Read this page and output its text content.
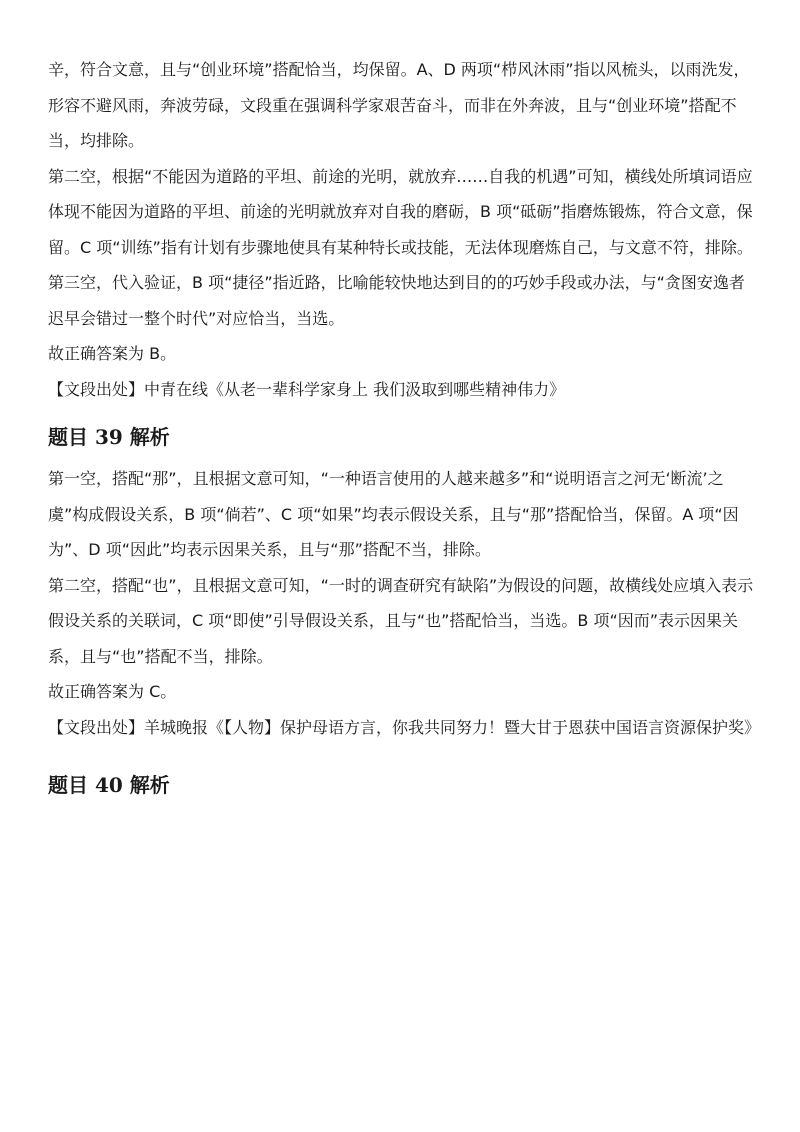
辛，符合文意，且与“创业环境”搭配恰当，均保留。A、D 两项“栉风沐雨”指以风梳头，以雨洗发，形容不避风雨，奔波劳碌，文段重在强调科学家艰苦奋斗，而非在外奔波，且与“创业环境”搭配不当，均排除。

第二空，根据“不能因为道路的平坦、前途的光明，就放弃……自我的机遇”可知，横线处所填词语应体现不能因为道路的平坦、前途的光明就放弃对自我的磨砺，B 项“砥砺”指磨炼锻炼，符合文意，保留。C 项“训练”指有计划有步骤地使具有某种特长或技能，无法体现磨炼自己，与文意不符，排除。

第三空，代入验证，B 项“捷径”指近路，比喻能较快地达到目的的巧妙手段或办法，与“贪图安逸者迟早会错过一整个时代”对应恰当，当选。

故正确答案为 B。

【文段出处】中青在线《从老一辈科学家身上 我们汲取到哪些精神伟力》

题目 39 解析

第一空，搭配“那”，且根据文意可知，“一种语言使用的人越来越多”和“说明语言之河无‘断流’之虞”构成假设关系，B 项“倘若”、C 项“如果”均表示假设关系，且与“那”搭配恰当，保留。A 项“因为”、D 项“因此”均表示因果关系，且与“那”搭配不当，排除。

第二空，搭配“也”，且根据文意可知，“一时的调查研究有缺陷”为假设的问题，故横线处应填入表示假设关系的关联词，C 项“即使”引导假设关系，且与“也”搭配恰当，当选。B 项“因而”表示因果关系，且与“也”搭配不当，排除。

故正确答案为 C。

【文段出处】羊城晚报《【人物】保护母语方言，你我共同努力！暨大甘于恩获中国语言资源保护奖》

题目 40 解析
